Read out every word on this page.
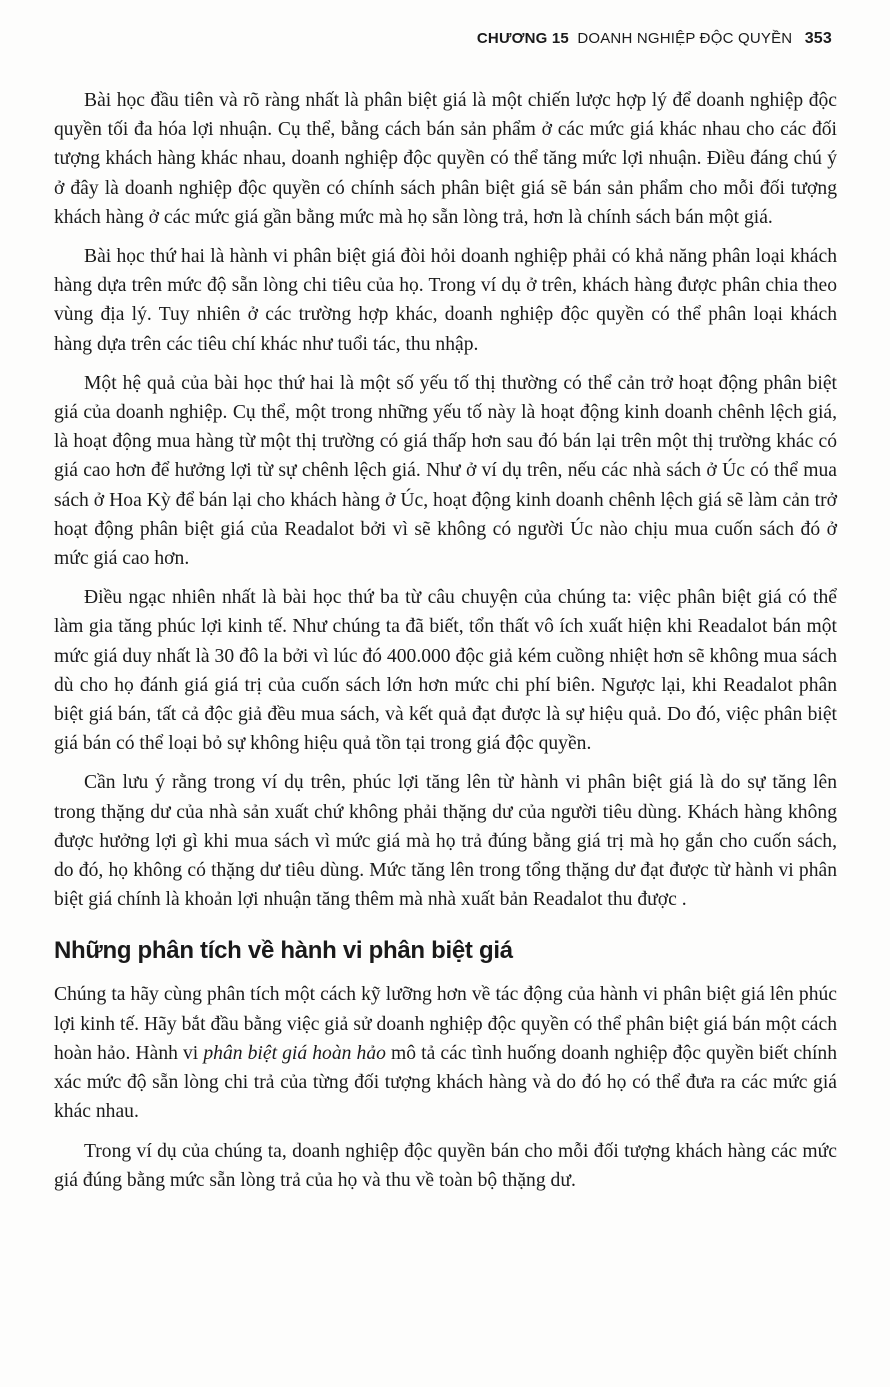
CHƯƠNG 15 DOANH NGHIỆP ĐỘC QUYỀN 353

Bài học đầu tiên và rõ ràng nhất là phân biệt giá là một chiến lược hợp lý để doanh nghiệp độc quyền tối đa hóa lợi nhuận. Cụ thể, bằng cách bán sản phẩm ở các mức giá khác nhau cho các đối tượng khách hàng khác nhau, doanh nghiệp độc quyền có thể tăng mức lợi nhuận. Điều đáng chú ý ở đây là doanh nghiệp độc quyền có chính sách phân biệt giá sẽ bán sản phẩm cho mỗi đối tượng khách hàng ở các mức giá gần bằng mức mà họ sẵn lòng trả, hơn là chính sách bán một giá.

Bài học thứ hai là hành vi phân biệt giá đòi hỏi doanh nghiệp phải có khả năng phân loại khách hàng dựa trên mức độ sẵn lòng chi tiêu của họ. Trong ví dụ ở trên, khách hàng được phân chia theo vùng địa lý. Tuy nhiên ở các trường hợp khác, doanh nghiệp độc quyền có thể phân loại khách hàng dựa trên các tiêu chí khác như tuổi tác, thu nhập.

Một hệ quả của bài học thứ hai là một số yếu tố thị thường có thể cản trở hoạt động phân biệt giá của doanh nghiệp. Cụ thể, một trong những yếu tố này là hoạt động kinh doanh chênh lệch giá, là hoạt động mua hàng từ một thị trường có giá thấp hơn sau đó bán lại trên một thị trường khác có giá cao hơn để hưởng lợi từ sự chênh lệch giá. Như ở ví dụ trên, nếu các nhà sách ở Úc có thể mua sách ở Hoa Kỳ để bán lại cho khách hàng ở Úc, hoạt động kinh doanh chênh lệch giá sẽ làm cản trở hoạt động phân biệt giá của Readalot bởi vì sẽ không có người Úc nào chịu mua cuốn sách đó ở mức giá cao hơn.

Điều ngạc nhiên nhất là bài học thứ ba từ câu chuyện của chúng ta: việc phân biệt giá có thể làm gia tăng phúc lợi kinh tế. Như chúng ta đã biết, tổn thất vô ích xuất hiện khi Readalot bán một mức giá duy nhất là 30 đô la bởi vì lúc đó 400.000 độc giả kém cuồng nhiệt hơn sẽ không mua sách dù cho họ đánh giá giá trị của cuốn sách lớn hơn mức chi phí biên. Ngược lại, khi Readalot phân biệt giá bán, tất cả độc giả đều mua sách, và kết quả đạt được là sự hiệu quả. Do đó, việc phân biệt giá bán có thể loại bỏ sự không hiệu quả tồn tại trong giá độc quyền.

Cần lưu ý rằng trong ví dụ trên, phúc lợi tăng lên từ hành vi phân biệt giá là do sự tăng lên trong thặng dư của nhà sản xuất chứ không phải thặng dư của người tiêu dùng. Khách hàng không được hưởng lợi gì khi mua sách vì mức giá mà họ trả đúng bằng giá trị mà họ gắn cho cuốn sách, do đó, họ không có thặng dư tiêu dùng. Mức tăng lên trong tổng thặng dư đạt được từ hành vi phân biệt giá chính là khoản lợi nhuận tăng thêm mà nhà xuất bản Readalot thu được .

Những phân tích về hành vi phân biệt giá

Chúng ta hãy cùng phân tích một cách kỹ lưỡng hơn về tác động của hành vi phân biệt giá lên phúc lợi kinh tế. Hãy bắt đầu bằng việc giả sử doanh nghiệp độc quyền có thể phân biệt giá bán một cách hoàn hảo. Hành vi phân biệt giá hoàn hảo mô tả các tình huống doanh nghiệp độc quyền biết chính xác mức độ sẵn lòng chi trả của từng đối tượng khách hàng và do đó họ có thể đưa ra các mức giá khác nhau.

Trong ví dụ của chúng ta, doanh nghiệp độc quyền bán cho mỗi đối tượng khách hàng các mức giá đúng bằng mức sẵn lòng trả của họ và thu về toàn bộ thặng dư.
